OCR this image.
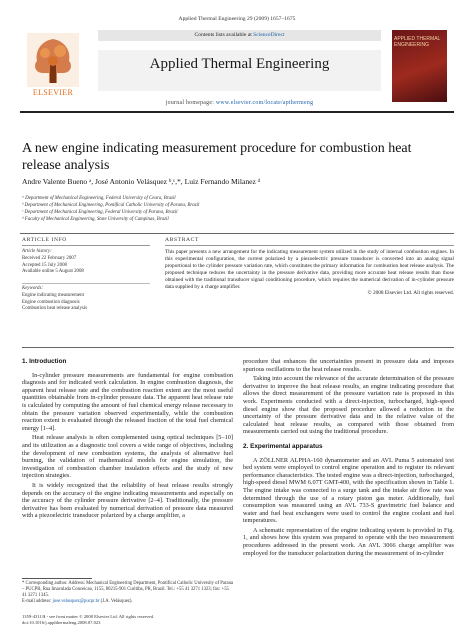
Applied Thermal Engineering 29 (2009) 1657–1675
ELSEVIER
Contents lists available at ScienceDirect
Applied Thermal Engineering
journal homepage: www.elsevier.com/locate/apthermeng
APPLIED THERMAL ENGINEERING
A new engine indicating measurement procedure for combustion heat release analysis
Andre Valente Bueno ᵃ, José Antonio Velásquez ᵇ,ᶜ,*, Luiz Fernando Milanez ᵈ
ᵃ Department of Mechanical Engineering, Federal University of Ceara, Brazil
ᵇ Department of Mechanical Engineering, Pontifical Catholic University of Parana, Brazil
ᶜ Department of Mechanical Engineering, Federal University of Parana, Brazil
ᵈ Faculty of Mechanical Engineering, State University of Campinas, Brazil
ARTICLE INFO	ABSTRACT
Article history:
Received 22 February 2007
Accepted 15 July 2008
Available online 5 August 2008
Keywords:
Engine indicating measurement
Engine combustion diagnosis
Combustion heat release analysis
This paper presents a new arrangement for the indicating measurement system utilized in the study of internal combustion engines. In this experimental configuration, the current polarized by a piezoelectric pressure transducer is converted into an analog signal proportional to the cylinder pressure variation rate, which constitutes the primary information for combustion heat release analysis. The proposed technique reduces the uncertainty in the pressure derivative data, providing more accurate heat release results than those obtained with the traditional transducer signal conditioning procedure, which requires the numerical derivation of in-cylinder pressure data supplied by a charge amplifier.
© 2008 Elsevier Ltd. All rights reserved.
1. Introduction

In-cylinder pressure measurements are fundamental for engine combustion diagnosis and for indicated work calculation. In engine combustion diagnosis, the apparent heat release rate and the combustion reaction extent are the most useful quantities obtainable from in-cylinder pressure data. The apparent heat release rate is calculated by computing the amount of fuel chemical energy release necessary to obtain the pressure variation observed experimentally, while the combustion reaction extent is evaluated through the released fraction of the total fuel chemical energy [1–4].

Heat release analysis is often complemented using optical techniques [5–10] and its utilization as a diagnostic tool covers a wide range of objectives, including the development of new combustion systems, the analysis of alternative fuel burning, the validation of mathematical models for engine simulation, the investigation of combustion chamber insulation effects and the study of new injection strategies.

It is widely recognized that the reliability of heat release results strongly depends on the accuracy of the engine indicating measurements and especially on the accuracy of the cylinder pressure derivative [2–4]. Traditionally, the pressure derivative has been evaluated by numerical derivation of pressure data measured with a piezoelectric transducer polarized by a charge amplifier, a

* Corresponding author. Address: Mechanical Engineering Department, Pontifical Catholic University of Parana – PUCPR, Rua Imaculada Conceicao, 1155, 80215-901 Curitiba, PR, Brazil. Tel.: +55 41 3271 1323; fax: +55 41 3271 1345.
E-mail address: jose.velasquez@pucpr.br (J.A. Velásquez).
1359-4311/$ - see front matter © 2008 Elsevier Ltd. All rights reserved.
doi:10.1016/j.applthermaleng.2008.07.023

procedure that enhances the uncertainties present in pressure data and imposes spurious oscillations to the heat release results.

Taking into account the relevance of the accurate determination of the pressure derivative to improve the heat release results, an engine indicating procedure that allows the direct measurement of the pressure variation rate is proposed in this work. Experiments conducted with a direct-injection, turbocharged, high-speed diesel engine show that the proposed procedure allowed a reduction in the uncertainty of the pressure derivative data and in the relative value of the calculated heat release results, as compared with those obtained from measurements carried out using the traditional procedure.

2. Experimental apparatus

A ZÖLLNER ALPHA-160 dynamometer and an AVL Puma 5 automated test bed system were employed to control engine operation and to register its relevant performance characteristics. The tested engine was a direct-injection, turbocharged, high-speed diesel MWM 6.07T GMT-400, with the specification shown in Table 1. The engine intake was connected to a surge tank and the intake air flow rate was determined through the use of a rotary piston gas meter. Additionally, fuel consumption was measured using an AVL 733-S gravimetric fuel balance and water and fuel heat exchangers were used to control the engine coolant and fuel temperatures.

A schematic representation of the engine indicating system is provided in Fig. 1, and shows how this system was prepared to operate with the two measurement procedures addressed in the present work. An AVL 3066 charge amplifier was employed for the transducer polarization during the measurement of in-cylinder
